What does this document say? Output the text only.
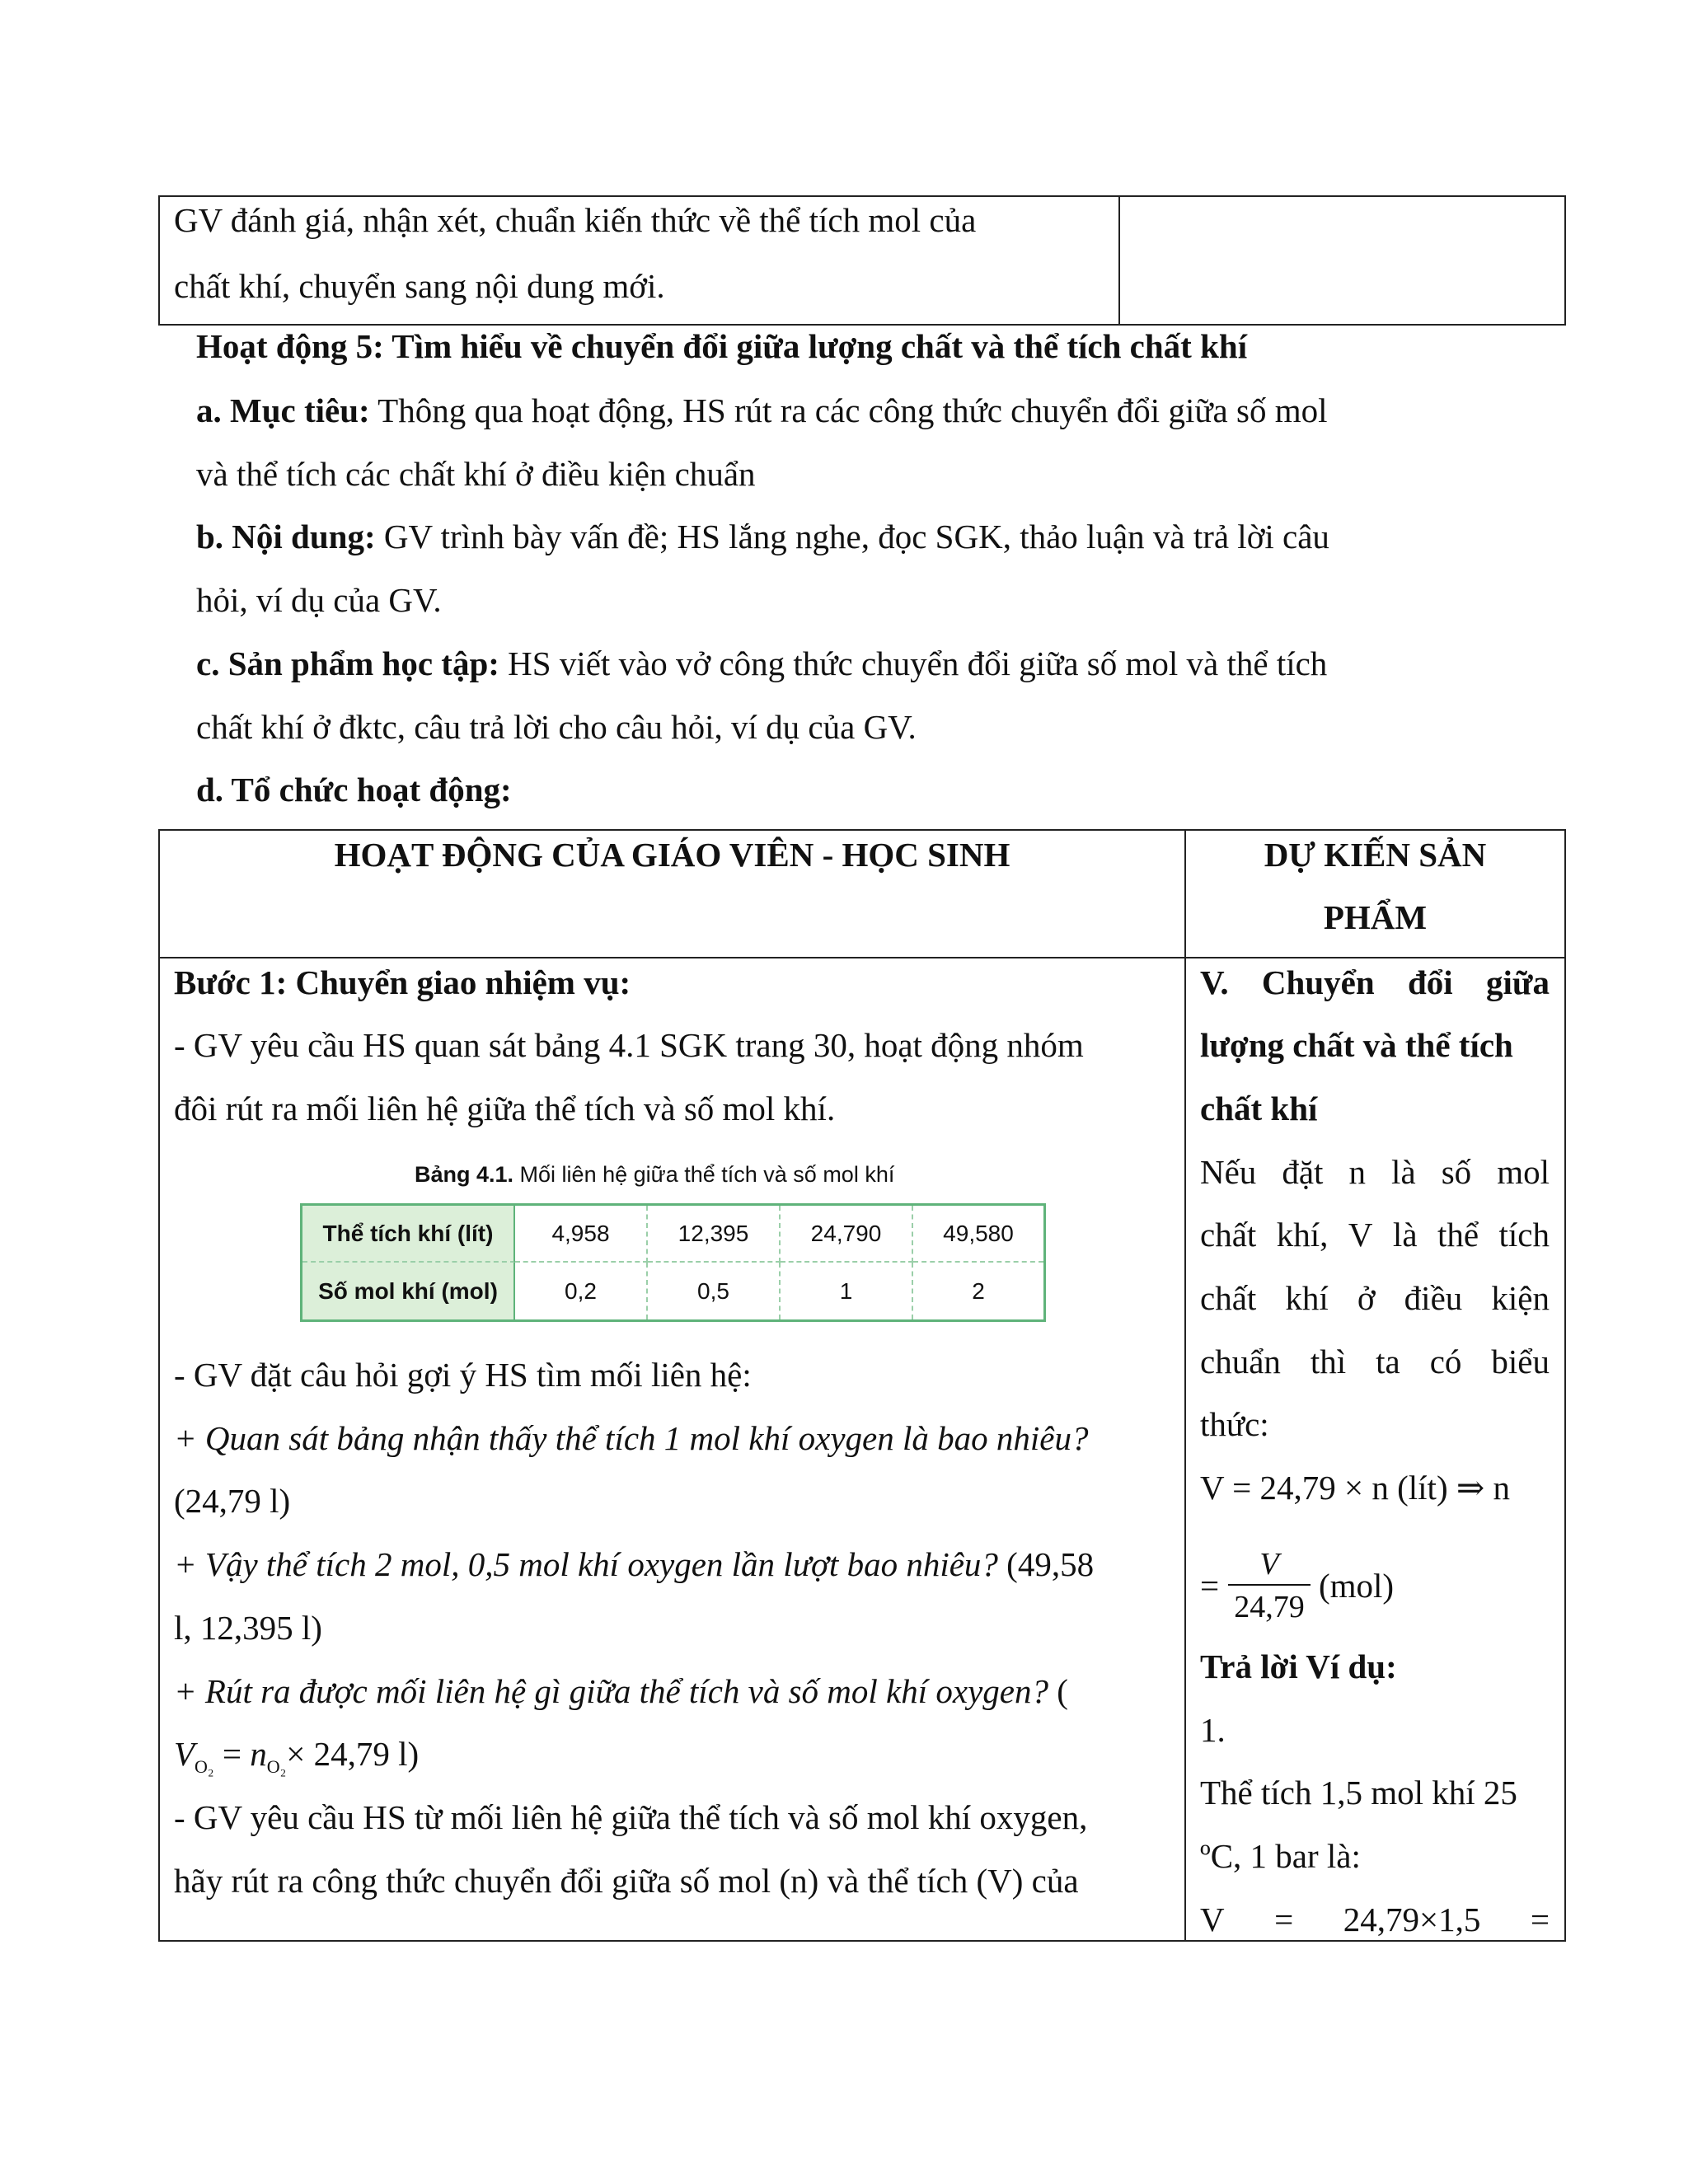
GV đánh giá, nhận xét, chuẩn kiến thức về thể tích mol của
chất khí, chuyển sang nội dung mới.
Hoạt động 5: Tìm hiểu về chuyển đổi giữa lượng chất và thể tích chất khí
a. Mục tiêu: Thông qua hoạt động, HS rút ra các công thức chuyển đổi giữa số mol
và thể tích các chất khí ở điều kiện chuẩn
b. Nội dung: GV trình bày vấn đề; HS lắng nghe, đọc SGK, thảo luận và trả lời câu
hỏi, ví dụ của GV.
c. Sản phẩm học tập: HS viết vào vở công thức chuyển đổi giữa số mol và thể tích
chất khí ở đktc, câu trả lời cho câu hỏi, ví dụ của GV.
d. Tổ chức hoạt động:
HOẠT ĐỘNG CỦA GIÁO VIÊN - HỌC SINH	DỰ KIẾN SẢN
PHẨM
Bước 1: Chuyển giao nhiệm vụ:
- GV yêu cầu HS quan sát bảng 4.1 SGK trang 30, hoạt động nhóm
đôi rút ra mối liên hệ giữa thể tích và số mol khí.
Bảng 4.1. Mối liên hệ giữa thể tích và số mol khí
Thể tích khí (lít)	4,958	12,395	24,790	49,580
Số mol khí (mol)	0,2	0,5	1	2
- GV đặt câu hỏi gợi ý HS tìm mối liên hệ:
+ Quan sát bảng nhận thấy thể tích 1 mol khí oxygen là bao nhiêu?
(24,79 l)
+ Vậy thể tích 2 mol, 0,5 mol khí oxygen lần lượt bao nhiêu? (49,58
l, 12,395 l)
+ Rút ra được mối liên hệ gì giữa thể tích và số mol khí oxygen? (
$V_{O_2} = n_{O_2}\times 24,79$ l)
- GV yêu cầu HS từ mối liên hệ giữa thể tích và số mol khí oxygen,
hãy rút ra công thức chuyển đổi giữa số mol (n) và thể tích (V) của
V. Chuyển đổi giữa
lượng chất và thể tích
chất khí
Nếu đặt n là số mol
chất khí, V là thể tích
chất khí ở điều kiện
chuẩn thì ta có biểu
thức:
V = 24,79 × n (lít) ⇒ n
=
V
24,79
(mol)
Trả lời Ví dụ:
1.
Thể tích 1,5 mol khí 25
ºC, 1 bar là:
V = 24,79×1,5 =
